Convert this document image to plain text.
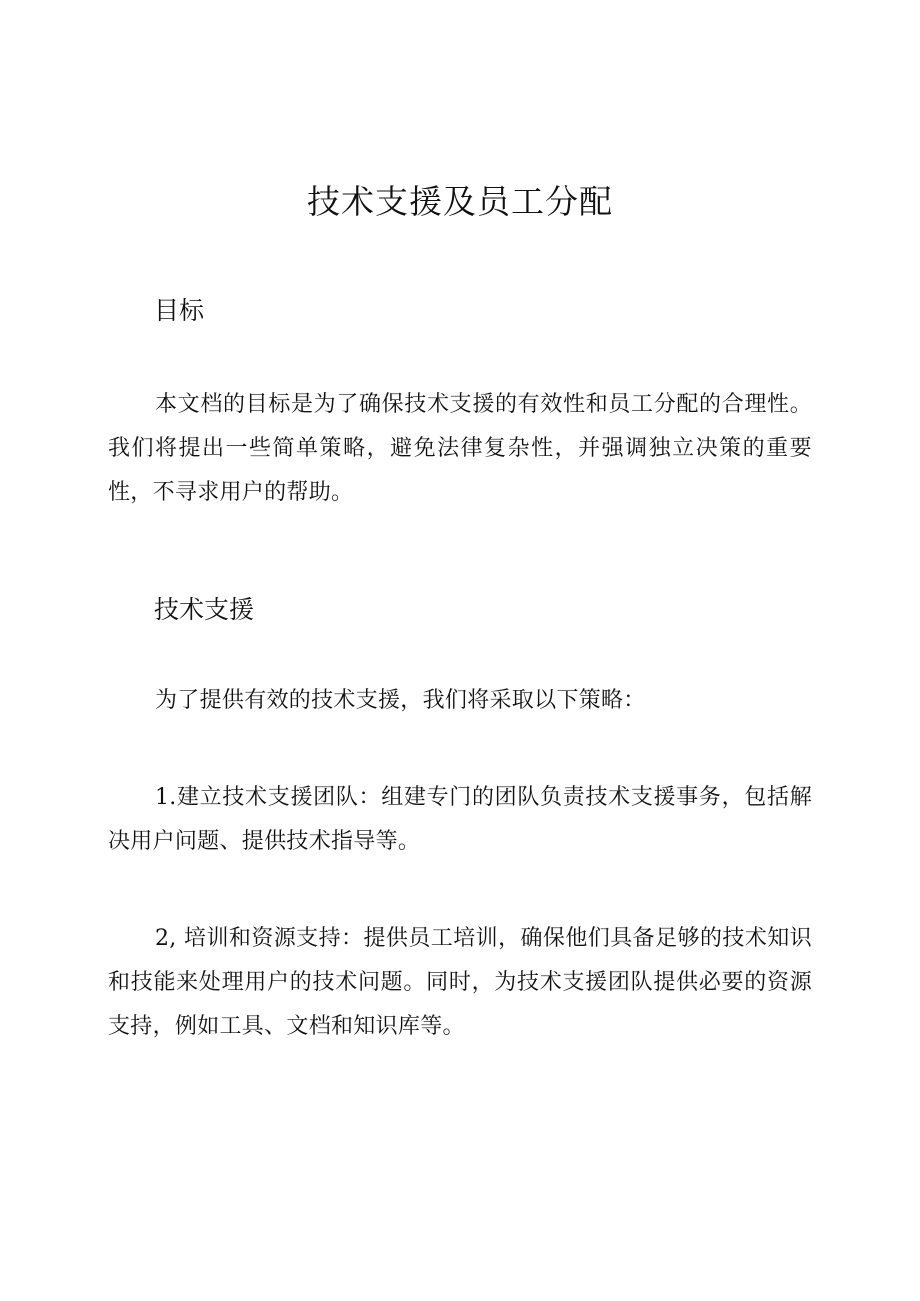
技术支援及员工分配
目标

本文档的目标是为了确保技术支援的有效性和员工分配的合理性。我们将提出一些简单策略，避免法律复杂性，并强调独立决策的重要性，不寻求用户的帮助。

技术支援

为了提供有效的技术支援，我们将采取以下策略：

1.建立技术支援团队：组建专门的团队负责技术支援事务，包括解决用户问题、提供技术指导等。

2, 培训和资源支持：提供员工培训，确保他们具备足够的技术知识和技能来处理用户的技术问题。同时，为技术支援团队提供必要的资源支持，例如工具、文档和知识库等。
